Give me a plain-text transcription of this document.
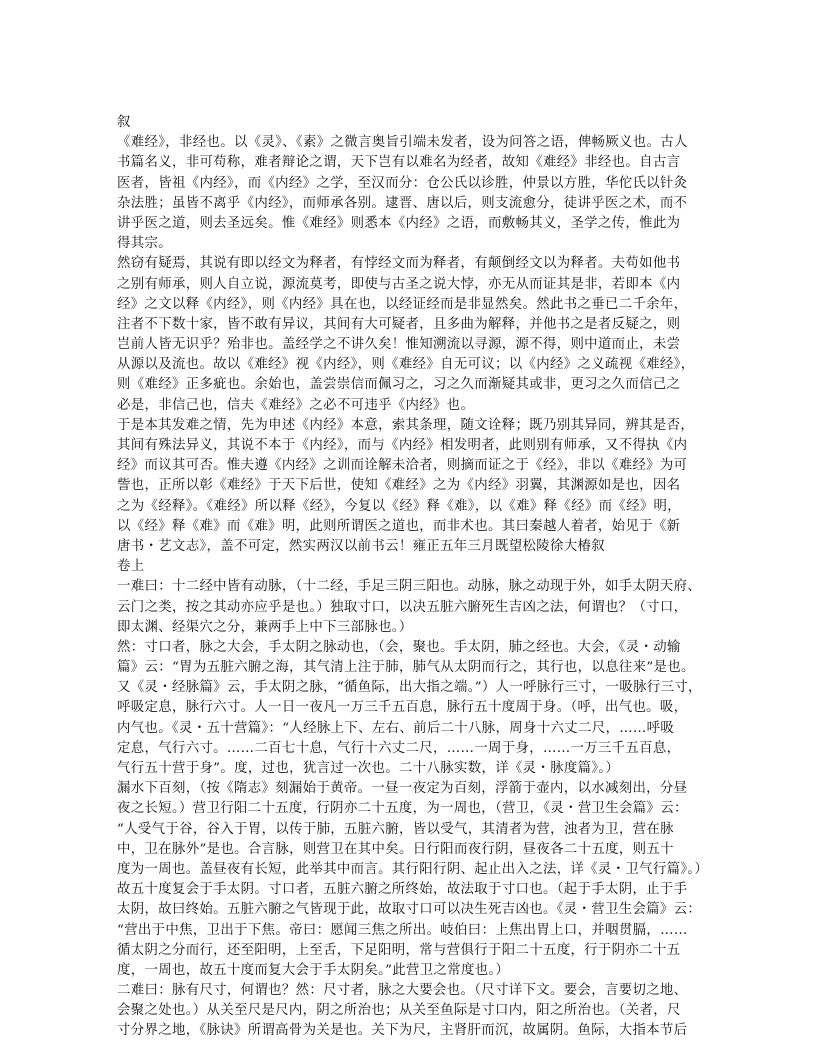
叙
《难经》，非经也。以《灵》、《素》之微言奥旨引端未发者，设为问答之语，俾畅厥义也。古人
书篇名义，非可苟称，难者辩论之谓，天下岂有以难名为经者，故知《难经》非经也。自古言
医者，皆祖《内经》，而《内经》之学，至汉而分：仓公氏以诊胜，仲景以方胜，华佗氏以针灸
杂法胜；虽皆不离乎《内经》，而师承各别。逮晋、唐以后，则支流愈分，徒讲乎医之术，而不
讲乎医之道，则去圣远矣。惟《难经》则悉本《内经》之语，而敷畅其义，圣学之传，惟此为
得其宗。
然窃有疑焉，其说有即以经文为释者，有悖经文而为释者，有颠倒经文以为释者。夫苟如他书
之别有师承，则人自立说，源流莫考，即使与古圣之说大悖，亦无从而证其是非，若即本《内
经》之文以释《内经》，则《内经》具在也，以经证经而是非显然矣。然此书之垂已二千余年，
注者不下数十家，皆不敢有异议，其间有大可疑者，且多曲为解释，并他书之是者反疑之，则
岂前人皆无识乎？殆非也。盖经学之不讲久矣！惟知溯流以寻源，源不得，则中道而止，未尝
从源以及流也。故以《难经》视《内经》，则《难经》自无可议；以《内经》之义疏视《难经》，
则《难经》正多疵也。余始也，盖尝崇信而佩习之，习之久而渐疑其或非，更习之久而信己之
必是，非信己也，信夫《难经》之必不可违乎《内经》也。
于是本其发难之情，先为申述《内经》本意，索其条理，随文诠释；既乃别其异同，辨其是否，
其间有殊法异义，其说不本于《内经》，而与《内经》相发明者，此则别有师承，又不得执《内
经》而议其可否。惟夫遵《内经》之训而诠解未洽者，则摘而证之于《经》，非以《难经》为可
訾也，正所以彰《难经》于天下后世，使知《难经》之为《内经》羽翼，其渊源如是也，因名
之为《经释》。《难经》所以释《经》，今复以《经》释《难》，以《难》释《经》而《经》明，
以《经》释《难》而《难》明，此则所谓医之道也，而非术也。其曰秦越人着者，始见于《新
唐书・艺文志》，盖不可定，然实两汉以前书云！雍正五年三月既望松陵徐大椿叙
卷上
一难曰：十二经中皆有动脉，（十二经，手足三阴三阳也。动脉，脉之动现于外，如手太阴天府、
云门之类，按之其动亦应乎是也。）独取寸口，以决五脏六腑死生吉凶之法，何谓也？（寸口，
即太渊、经渠穴之分，兼两手上中下三部脉也。）
然：寸口者，脉之大会，手太阴之脉动也，（会，聚也。手太阴，肺之经也。大会，《灵・动输
篇》云：“胃为五脏六腑之海，其气清上注于肺，肺气从太阴而行之，其行也，以息往来”是也。
又《灵・经脉篇》云，手太阴之脉，“循鱼际，出大指之端。”）人一呼脉行三寸，一吸脉行三寸，
呼吸定息，脉行六寸。人一日一夜凡一万三千五百息，脉行五十度周于身。（呼，出气也。吸，
内气也。《灵・五十营篇》：“人经脉上下、左右、前后二十八脉，周身十六丈二尺，……呼吸
定息，气行六寸。……二百七十息，气行十六丈二尺，……一周于身，……一万三千五百息，
气行五十营于身”。度，过也，犹言过一次也。二十八脉实数，详《灵・脉度篇》。）
漏水下百刻，（按《隋志》刻漏始于黄帝。一昼一夜定为百刻，浮箭于壶内，以水减刻出，分昼
夜之长短。）营卫行阳二十五度，行阴亦二十五度，为一周也，（营卫，《灵・营卫生会篇》云：
“人受气于谷，谷入于胃，以传于肺，五脏六腑，皆以受气，其清者为营，浊者为卫，营在脉
中，卫在脉外”是也。合言脉，则营卫在其中矣。日行阳而夜行阴，昼夜各二十五度，则五十
度为一周也。盖昼夜有长短，此举其中而言。其行阳行阴、起止出入之法，详《灵・卫气行篇》。）
故五十度复会于手太阴。寸口者，五脏六腑之所终始，故法取于寸口也。（起于手太阴，止于手
太阴，故曰终始。五脏六腑之气皆现于此，故取寸口可以决生死吉凶也。《灵・营卫生会篇》云：
“营出于中焦，卫出于下焦。帝曰：愿闻三焦之所出。岐伯曰：上焦出胃上口，并咽贯膈，……
循太阴之分而行，还至阳明，上至舌，下足阳明，常与营俱行于阳二十五度，行于阴亦二十五
度，一周也，故五十度而复大会于手太阴矣。”此营卫之常度也。）
二难曰：脉有尺寸，何谓也？然：尺寸者，脉之大要会也。（尺寸详下文。要会，言要切之地、
会聚之处也。）从关至尺是尺内，阴之所治也；从关至鱼际是寸口内，阳之所治也。（关者，尺
寸分界之地，《脉诀》所谓高骨为关是也。关下为尺，主肾肝而沉，故属阴。鱼际，大指本节后
